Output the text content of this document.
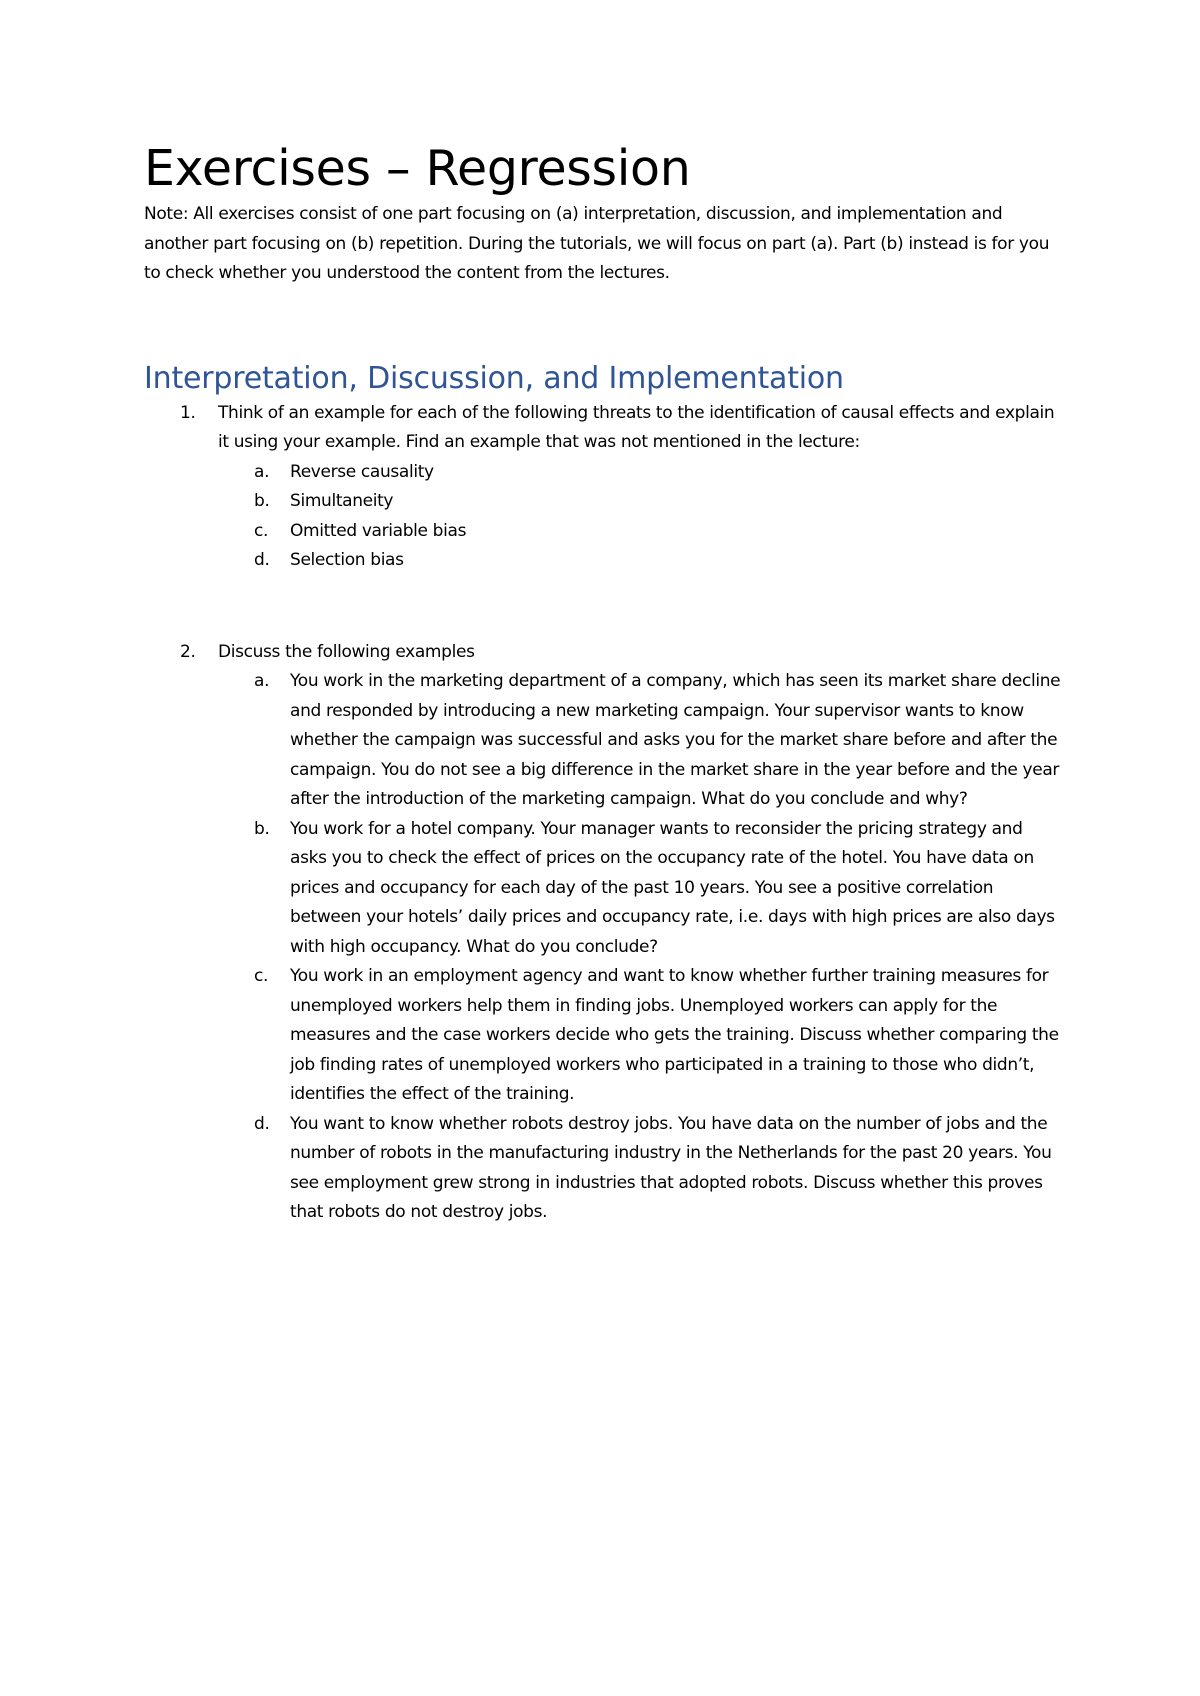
Exercises – Regression

Note: All exercises consist of one part focusing on (a) interpretation, discussion, and implementation and another part focusing on (b) repetition. During the tutorials, we will focus on part (a). Part (b) instead is for you to check whether you understood the content from the lectures.

Interpretation, Discussion, and Implementation
1. Think of an example for each of the following threats to the identification of causal effects and explain it using your example. Find an example that was not mentioned in the lecture:
a. Reverse causality
b. Simultaneity
c. Omitted variable bias
d. Selection bias
2. Discuss the following examples
a. You work in the marketing department of a company, which has seen its market share decline and responded by introducing a new marketing campaign. Your supervisor wants to know whether the campaign was successful and asks you for the market share before and after the campaign. You do not see a big difference in the market share in the year before and the year after the introduction of the marketing campaign. What do you conclude and why?
b. You work for a hotel company. Your manager wants to reconsider the pricing strategy and asks you to check the effect of prices on the occupancy rate of the hotel. You have data on prices and occupancy for each day of the past 10 years. You see a positive correlation between your hotels’ daily prices and occupancy rate, i.e. days with high prices are also days with high occupancy. What do you conclude?
c. You work in an employment agency and want to know whether further training measures for unemployed workers help them in finding jobs. Unemployed workers can apply for the measures and the case workers decide who gets the training. Discuss whether comparing the job finding rates of unemployed workers who participated in a training to those who didn’t, identifies the effect of the training.
d. You want to know whether robots destroy jobs. You have data on the number of jobs and the number of robots in the manufacturing industry in the Netherlands for the past 20 years. You see employment grew strong in industries that adopted robots. Discuss whether this proves that robots do not destroy jobs.
